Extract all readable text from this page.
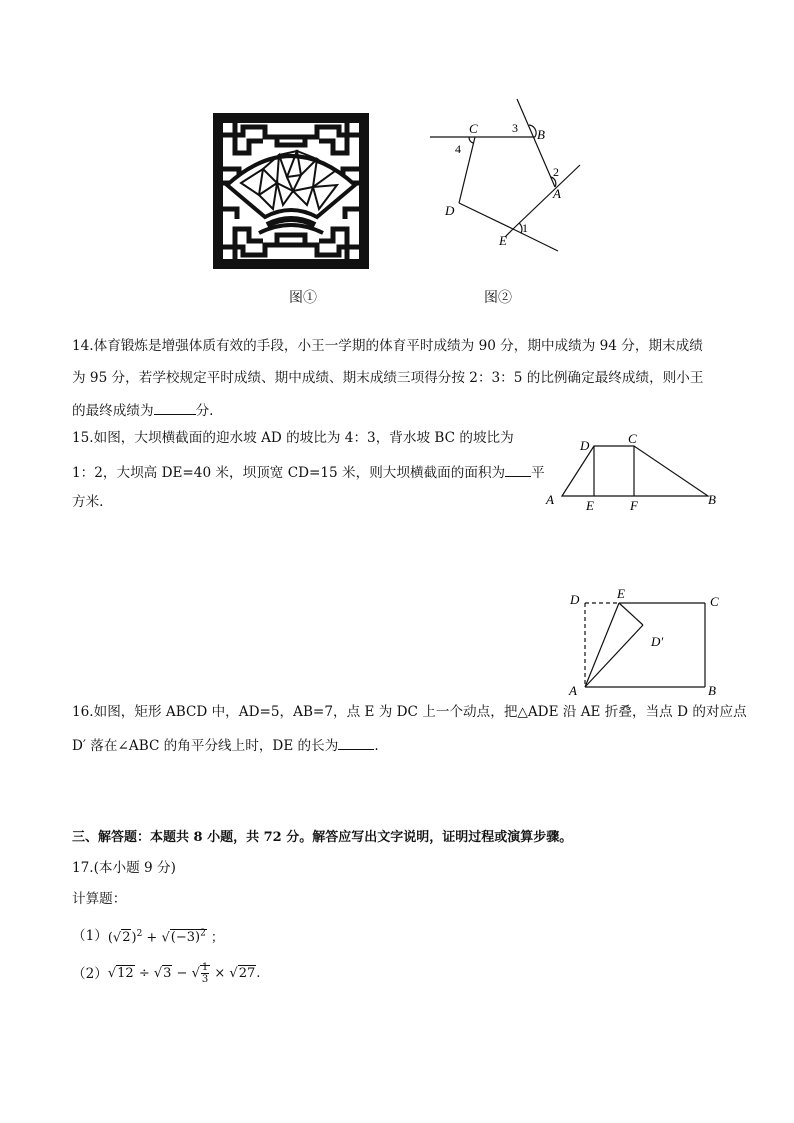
图①
C	B
A
D
E
1
2
3
4
图②
14.体育锻炼是增强体质有效的手段，小王一学期的体育平时成绩为 90 分，期中成绩为 94 分，期末成绩
为 95 分，若学校规定平时成绩、期中成绩、期末成绩三项得分按 2：3：5 的比例确定最终成绩，则小王
的最终成绩为	分.
15.如图，大坝横截面的迎水坡 AD 的坡比为 4：3，背水坡 BC 的坡比为
1：2，大坝高 DE=40 米，坝顶宽 CD=15 米，则大坝横截面的面积为 平
方米.
D	C
A E	F	B
D	E
C
D′
A	B
16.如图，矩形 ABCD 中，AD=5，AB=7，点 E 为 DC 上一个动点，把△ADE 沿 AE 折叠，当点 D 的对应点
D′ 落在∠ABC 的角平分线上时，DE 的长为	.
三、解答题：本题共 8 小题，共 72 分。解答应写出文字说明，证明过程或演算步骤。
17.(本小题 9 分)
计算题：
（1） $(√2)^2 + √(-3)^2$ ；
（2） √12 ÷ √3 − √ $\frac{1}{3} \times √27$.
